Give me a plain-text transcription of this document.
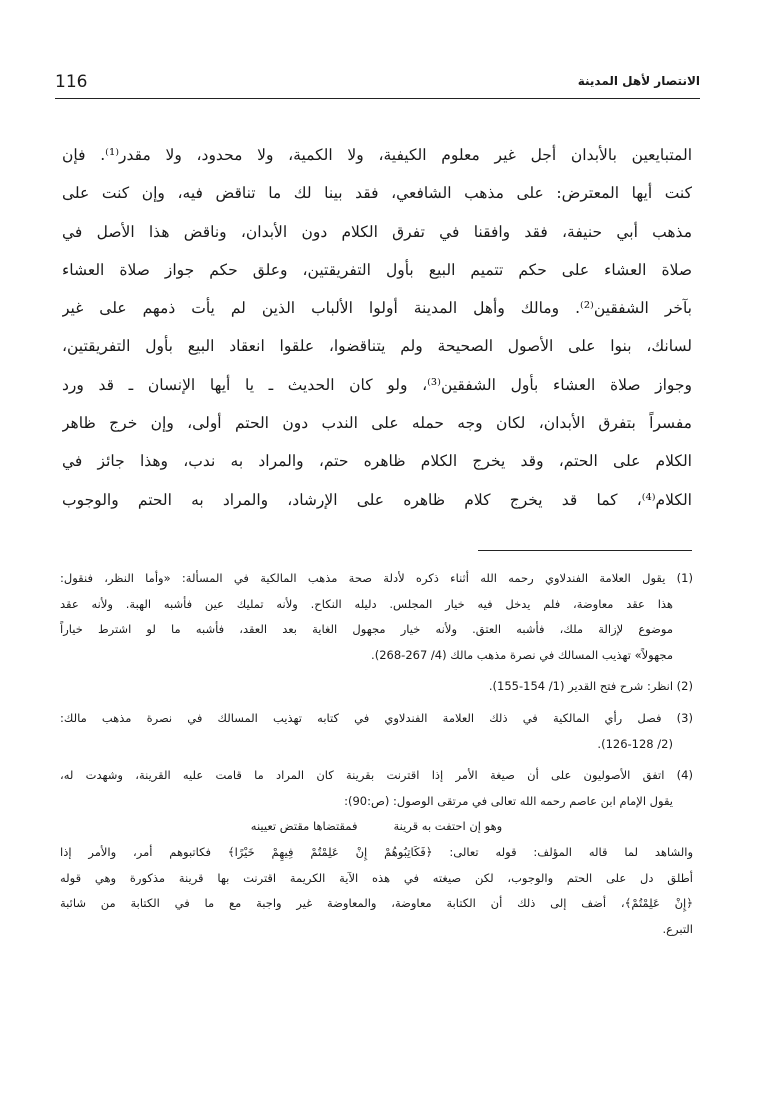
116	الانتصار لأهل المدينة
المتبايعين بالأبدان أجل غير معلوم الكيفية، ولا الكمية، ولا محدود، ولا مقدر⁽¹⁾. فإن
كنت أيها المعترض: على مذهب الشافعي، فقد بينا لك ما تناقض فيه، وإن كنت على
مذهب أبي حنيفة، فقد وافقنا في تفرق الكلام دون الأبدان، وناقض هذا الأصل في
صلاة العشاء على حكم تتميم البيع بأول التفريقتين، وعلق حكم جواز صلاة العشاء
بآخر الشفقين⁽²⁾. ومالك وأهل المدينة أولوا الألباب الذين لم يأت ذمهم على غير
لسانك، بنوا على الأصول الصحيحة ولم يتناقضوا، علقوا انعقاد البيع بأول التفريقتين،
وجواز صلاة العشاء بأول الشفقين⁽³⁾، ولو كان الحديث ـ يا أيها الإنسان ـ قد ورد
مفسراً بتفرق الأبدان، لكان وجه حمله على الندب دون الحتم أولى، وإن خرج ظاهر
الكلام على الحتم، وقد يخرج الكلام ظاهره حتم، والمراد به ندب، وهذا جائز في
الكلام⁽⁴⁾، كما قد يخرج كلام ظاهره على الإرشاد، والمراد به الحتم والوجوب
(1) يقول العلامة الفندلاوي رحمه الله أثناء ذكره لأدلة صحة مذهب المالكية في المسألة: «وأما النظر، فنقول:
هذا عقد معاوضة، فلم يدخل فيه خيار المجلس. دليله النكاح. ولأنه تمليك عين فأشبه الهبة. ولأنه عقد
موضوع لإزالة ملك، فأشبه العتق. ولأنه خيار مجهول الغاية بعد العقد، فأشبه ما لو اشترط خياراً
مجهولاً» تهذيب المسالك في نصرة مذهب مالك (4/ 267-268).
(2) انظر: شرح فتح القدير (1/ 154-155).
(3) فصل رأي المالكية في ذلك العلامة الفندلاوي في كتابه تهذيب المسالك في نصرة مذهب مالك:
(2/ 126-128).
(4) اتفق الأصوليون على أن صيغة الأمر إذا اقترنت بقرينة كان المراد ما قامت عليه القرينة، وشهدت له،
يقول الإمام ابن عاصم رحمه الله تعالى في مرتقى الوصول: (ص:90):
وهو إن احتفت به قرينة
فمقتضاها مقتض تعيينه
والشاهد لما قاله المؤلف: قوله تعالى: ﴿فَكَاتِبُوهُمْ إِنْ عَلِمْتُمْ فِيهِمْ خَيْرًا﴾ فكاتبوهم أمر، والأمر إذا
أطلق دل على الحتم والوجوب، لكن صيغته في هذه الآية الكريمة اقترنت بها قرينة مذكورة وهي قوله
﴿إِنْ عَلِمْتُمْ﴾، أضف إلى ذلك أن الكتابة معاوضة، والمعاوضة غير واجبة مع ما في الكتابة من شائبة
التبرع.
